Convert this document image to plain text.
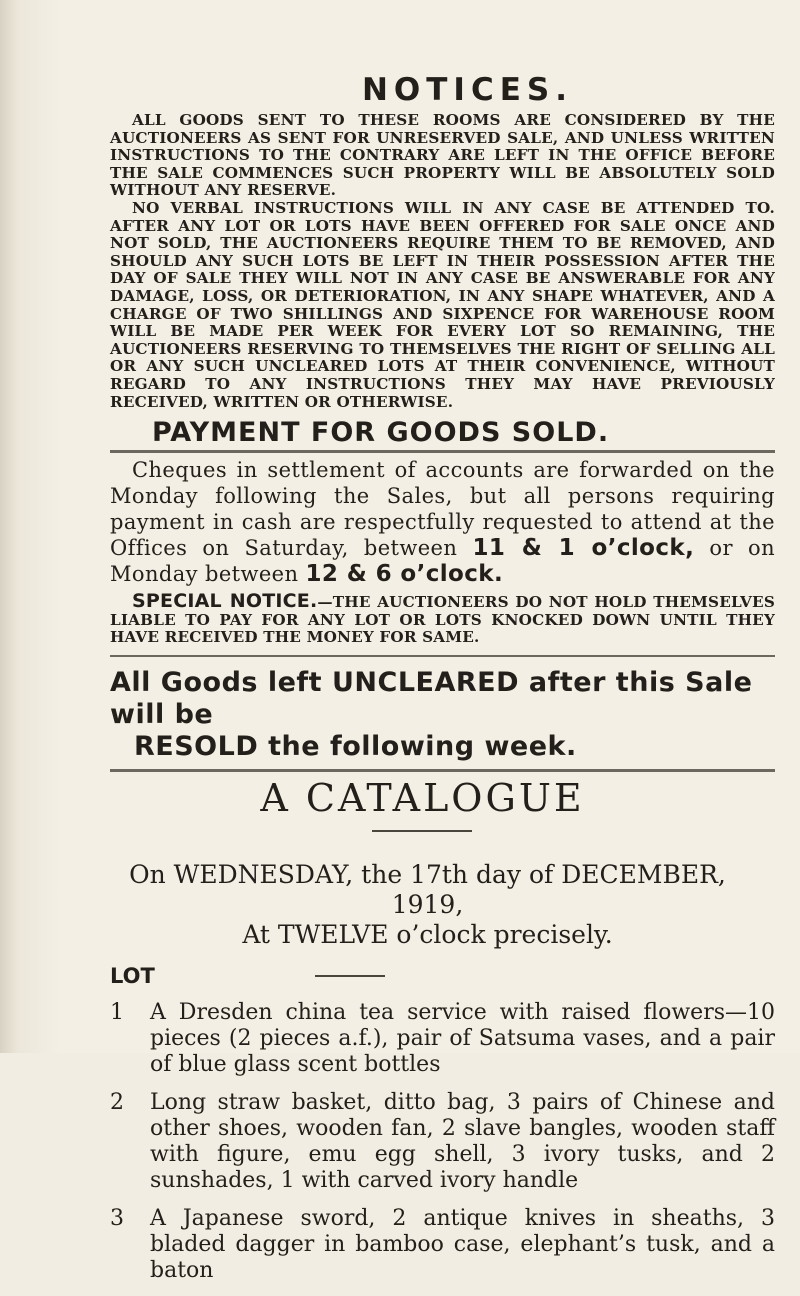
NOTICES.

ALL GOODS SENT TO THESE ROOMS ARE CONSIDERED BY THE AUCTIONEERS AS SENT FOR UNRESERVED SALE, AND UNLESS WRITTEN INSTRUCTIONS TO THE CONTRARY ARE LEFT IN THE OFFICE BEFORE THE SALE COMMENCES SUCH PROPERTY WILL BE ABSOLUTELY SOLD WITHOUT ANY RESERVE.

NO VERBAL INSTRUCTIONS WILL IN ANY CASE BE ATTENDED TO. AFTER ANY LOT OR LOTS HAVE BEEN OFFERED FOR SALE ONCE AND NOT SOLD, THE AUCTIONEERS REQUIRE THEM TO BE REMOVED, AND SHOULD ANY SUCH LOTS BE LEFT IN THEIR POSSESSION AFTER THE DAY OF SALE THEY WILL NOT IN ANY CASE BE ANSWERABLE FOR ANY DAMAGE, LOSS, OR DETERIORATION, IN ANY SHAPE WHATEVER, AND A CHARGE OF TWO SHILLINGS AND SIXPENCE FOR WAREHOUSE ROOM WILL BE MADE PER WEEK FOR EVERY LOT SO REMAINING, THE AUCTIONEERS RESERVING TO THEMSELVES THE RIGHT OF SELLING ALL OR ANY SUCH UNCLEARED LOTS AT THEIR CONVENIENCE, WITHOUT REGARD TO ANY INSTRUCTIONS THEY MAY HAVE PREVIOUSLY RECEIVED, WRITTEN OR OTHERWISE.

PAYMENT FOR GOODS SOLD.

Cheques in settlement of accounts are forwarded on the Monday following the Sales, but all persons requiring payment in cash are respectfully requested to attend at the Offices on Saturday, between 11 & 1 o’clock, or on Monday between 12 & 6 o’clock.

SPECIAL NOTICE.—THE AUCTIONEERS DO NOT HOLD THEMSELVES LIABLE TO PAY FOR ANY LOT OR LOTS KNOCKED DOWN UNTIL THEY HAVE RECEIVED THE MONEY FOR SAME.

All Goods left UNCLEARED after this Sale will be
RESOLD the following week.
A CATALOGUE

On WEDNESDAY, the 17th day of DECEMBER, 1919,

At TWELVE o’clock precisely.

LOT
1	A Dresden china tea service with raised flowers—10 pieces (2 pieces a.f.), pair of Satsuma vases, and a pair of blue glass scent bottles
2	Long straw basket, ditto bag, 3 pairs of Chinese and other shoes, wooden fan, 2 slave bangles, wooden staff with figure, emu egg shell, 3 ivory tusks, and 2 sunshades, 1 with carved ivory handle
3	A Japanese sword, 2 antique knives in sheaths, 3 bladed dagger in bamboo case, elephant’s tusk, and a baton
